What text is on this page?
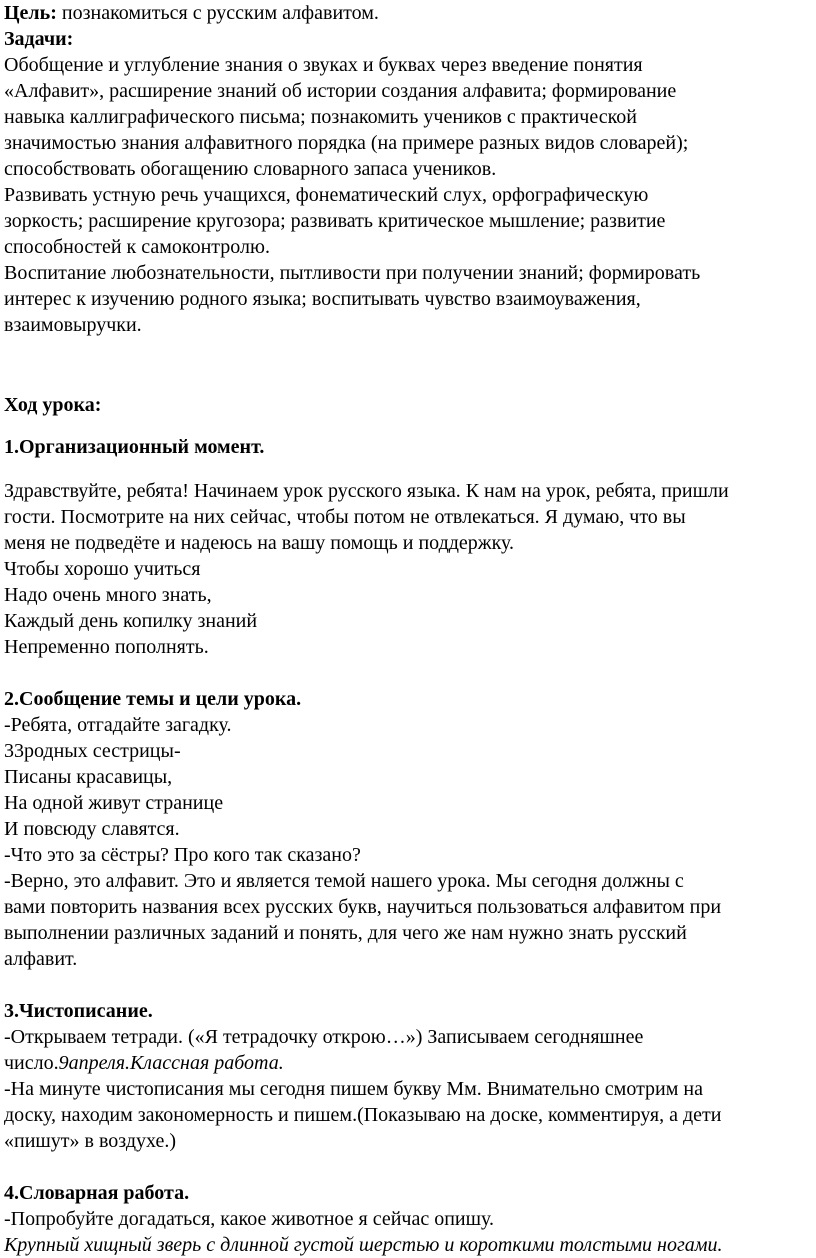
Цель: познакомиться с русским алфавитом.
Задачи:
Обобщение и углубление знания о звуках и буквах через введение понятия
«Алфавит», расширение знаний об истории создания алфавита; формирование
навыка каллиграфического письма; познакомить учеников с практической
значимостью знания алфавитного порядка (на примере разных видов словарей);
способствовать обогащению словарного запаса учеников.
Развивать устную речь учащихся, фонематический слух, орфографическую
зоркость; расширение кругозора; развивать критическое мышление; развитие
способностей к самоконтролю.
Воспитание любознательности, пытливости при получении знаний; формировать
интерес к изучению родного языка; воспитывать чувство взаимоуважения,
взаимовыручки.
Ход урока:
1.Организационный момент.
Здравствуйте, ребята! Начинаем урок русского языка. К нам на урок, ребята, пришли
гости. Посмотрите на них сейчас, чтобы потом не отвлекаться. Я думаю, что вы
меня не подведёте и надеюсь на вашу помощь и поддержку.
Чтобы хорошо учиться
Надо очень много знать,
Каждый день копилку знаний
Непременно пополнять.
2.Сообщение темы и цели урока.
-Ребята, отгадайте загадку.
33родных сестрицы-
Писаны красавицы,
На одной живут странице
И повсюду славятся.
-Что это за сёстры? Про кого так сказано?
-Верно, это алфавит. Это и является темой нашего урока. Мы сегодня должны с
вами повторить названия всех русских букв, научиться пользоваться алфавитом при
выполнении различных заданий и понять, для чего же нам нужно знать русский
алфавит.
3.Чистописание.
-Открываем тетради. («Я тетрадочку открою…») Записываем сегодняшнее
число.9апреля.Классная работа.
-На минуте чистописания мы сегодня пишем букву Мм. Внимательно смотрим на
доску, находим закономерность и пишем.(Показываю на доске, комментируя, а дети
«пишут» в воздухе.)
4.Словарная работа.
-Попробуйте догадаться, какое животное я сейчас опишу.
Крупный хищный зверь с длинной густой шерстью и короткими толстыми ногами.
